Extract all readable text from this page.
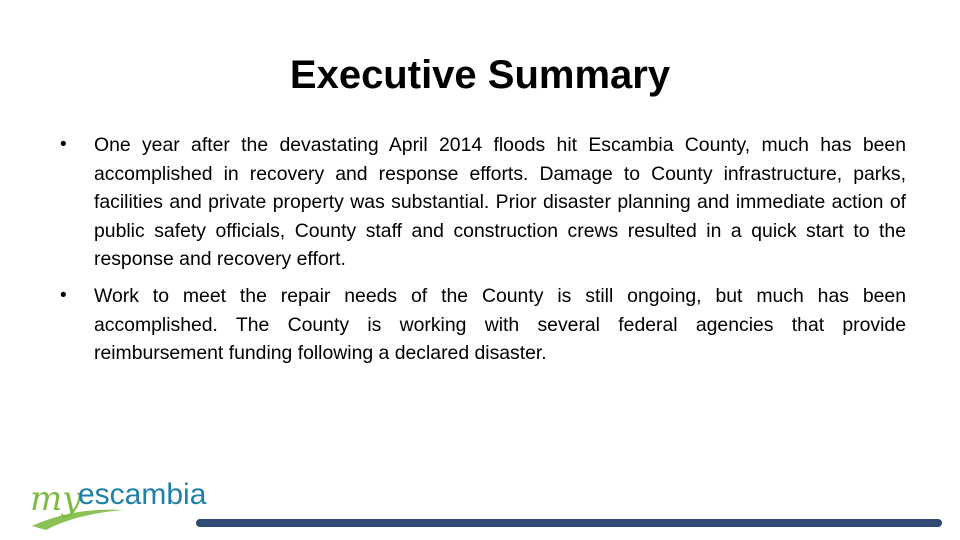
Executive Summary
• One year after the devastating April 2014 floods hit Escambia County, much has been accomplished in recovery and response efforts. Damage to County infrastructure, parks, facilities and private property was substantial. Prior disaster planning and immediate action of public safety officials, County staff and construction crews resulted in a quick start to the response and recovery effort.
• Work to meet the repair needs of the County is still ongoing, but much has been accomplished. The County is working with several federal agencies that provide reimbursement funding following a declared disaster.
my
escambia
